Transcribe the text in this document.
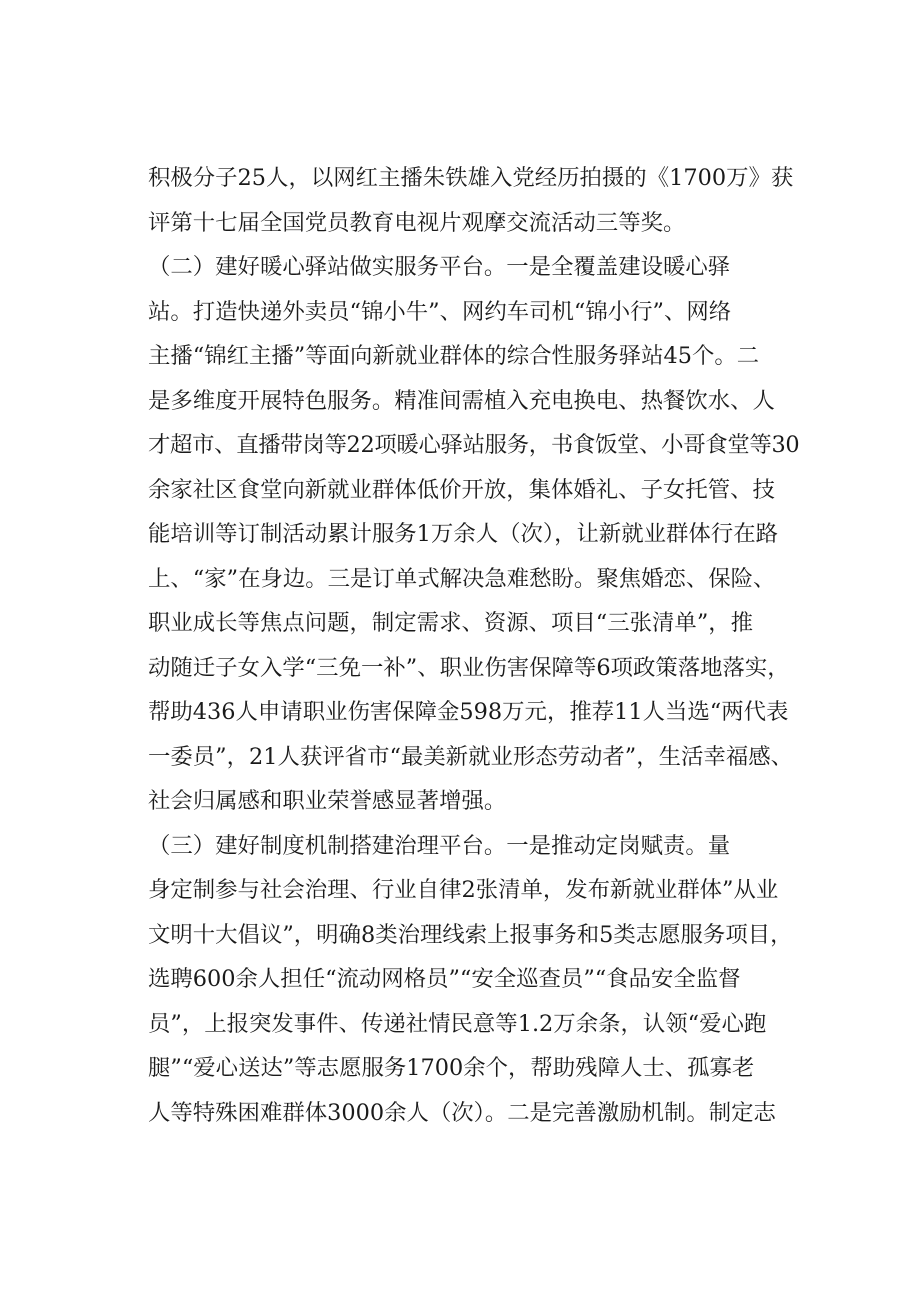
积极分子25人，以网红主播朱铁雄入党经历拍摄的《1700万》获
评第十七届全国党员教育电视片观摩交流活动三等奖。
（二）建好暖心驿站做实服务平台。一是全覆盖建设暖心驿
站。打造快递外卖员“锦小牛”、网约车司机“锦小行”、网络
主播“锦红主播”等面向新就业群体的综合性服务驿站45个。二
是多维度开展特色服务。精准间需植入充电换电、热餐饮水、人
才超市、直播带岗等22项暖心驿站服务，书食饭堂、小哥食堂等30
余家社区食堂向新就业群体低价开放，集体婚礼、子女托管、技
能培训等订制活动累计服务1万余人（次），让新就业群体行在路
上、“家”在身边。三是订单式解决急难愁盼。聚焦婚恋、保险、
职业成长等焦点问题，制定需求、资源、项目“三张清单”，推
动随迁子女入学“三免一补”、职业伤害保障等6项政策落地落实，
帮助436人申请职业伤害保障金598万元，推荐11人当选“两代表
一委员”，21人获评省市“最美新就业形态劳动者”，生活幸福感、
社会归属感和职业荣誉感显著增强。
（三）建好制度机制搭建治理平台。一是推动定岗赋责。量
身定制参与社会治理、行业自律2张清单，发布新就业群体”从业
文明十大倡议”，明确8类治理线索上报事务和5类志愿服务项目，
选聘600余人担任“流动网格员”“安全巡查员”“食品安全监督
员”，上报突发事件、传递社情民意等1.2万余条，认领“爱心跑
腿”“爱心送达”等志愿服务1700余个，帮助残障人士、孤寡老
人等特殊困难群体3000余人（次）。二是完善激励机制。制定志
